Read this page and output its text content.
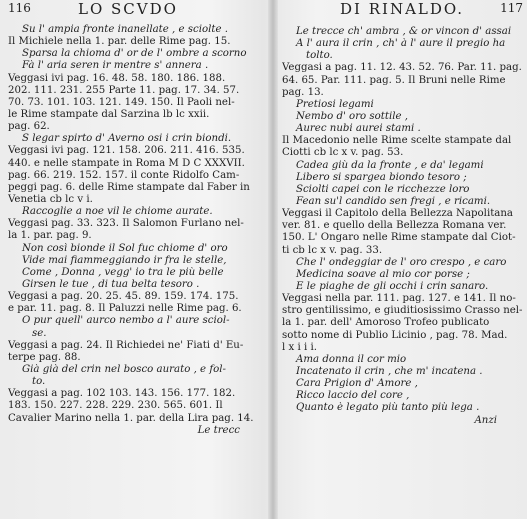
116	LO SCVDO
Su l' ampia fronte inanellate , e sciolte .
Il Michiele nella 1. par. delle Rime pag. 15.
Sparsa la chioma d' or de l' ombre a scorno
Fà l' aria seren ir mentre s' annera .
Veggasi ivi pag. 16. 48. 58. 180. 186. 188.
202. 111. 231. 255 Parte 11. pag. 17. 34. 57.
70. 73. 101. 103. 121. 149. 150. Il Paoli nel-
le Rime stampate dal Sarzina lb lc xxii.
pag. 62.
S legar spirto d' Averno osi i crin biondi.
Veggasi ivi pag. 121. 158. 206. 211. 416. 535.
440. e nelle stampate in Roma M D C XXXVII.
pag. 66. 219. 152. 157. il conte Ridolfo Cam-
peggi pag. 6. delle Rime stampate dal Faber in
Venetia cb lc v i.
Raccoglie a noe vil le chiome aurate.
Veggasi pag. 33. 323. Il Salomon Furlano nel-
la 1. par. pag. 9.
Non così bionde il Sol fuc chiome d' oro
Vide mai fiammeggiando ir fra le stelle,
Come , Donna , vegg' io tra le più belle
Girsen le tue , di tua belta tesoro .
Veggasi a pag. 20. 25. 45. 89. 159. 174. 175.
e par. 11. pag. 8. Il Paluzzi nelle Rime pag. 6.
O pur quell' aurco nembo a l' aure sciol-
se.
Veggasi a pag. 24. Il Richiedei ne' Fiati d' Eu-
terpe pag. 88.
Già già del crin nel bosco aurato , e fol-
to.
Veggasi a pag. 102 103. 143. 156. 177. 182.
183. 150. 227. 228. 229. 230. 565. 601. Il
Cavalier Marino nella 1. par. della Lira pag. 14.
Le trecc
DI RINALDO.	117
Le trecce ch' ambra , & or vincon d' assai
A l' aura il crin , ch' à l' aure il pregio ha
tolto.
Veggasi a pag. 11. 12. 43. 52. 76. Par. 11. pag.
64. 65. Par. 111. pag. 5. Il Bruni nelle Rime
pag. 13.
Pretiosi legami
Nembo d' oro sottile ,
Aurec nubi aurei stami .
Il Macedonio nelle Rime scelte stampate dal
Ciotti cb lc x v. pag. 53.
Cadea giù da la fronte , e da' legami
Libero si spargea biondo tesoro ;
Sciolti capei con le ricchezze loro
Fean su'l candido sen fregi , e ricami.
Veggasi il Capitolo della Bellezza Napolitana
ver. 81. e quello della Bellezza Romana ver.
150. L' Ongaro nelle Rime stampate dal Ciot-
ti cb lc x v. pag. 33.
Che l' ondeggiar de l' oro crespo , e caro
Medicina soave al mio cor porse ;
E le piaghe de gli occhi i crin sanaro.
Veggasi nella par. 111. pag. 127. e 141. Il no-
stro gentilissimo, e giuditiosissimo Crasso nel-
la 1. par. dell' Amoroso Trofeo publicato
sotto nome di Publio Licinio , pag. 78. Mad.
l x i i i.
Ama donna il cor mio
Incatenato il crin , che m' incatena .
Cara Prigion d' Amore ,
Ricco laccio del core ,
Quanto è legato più tanto più lega .
Anzi
